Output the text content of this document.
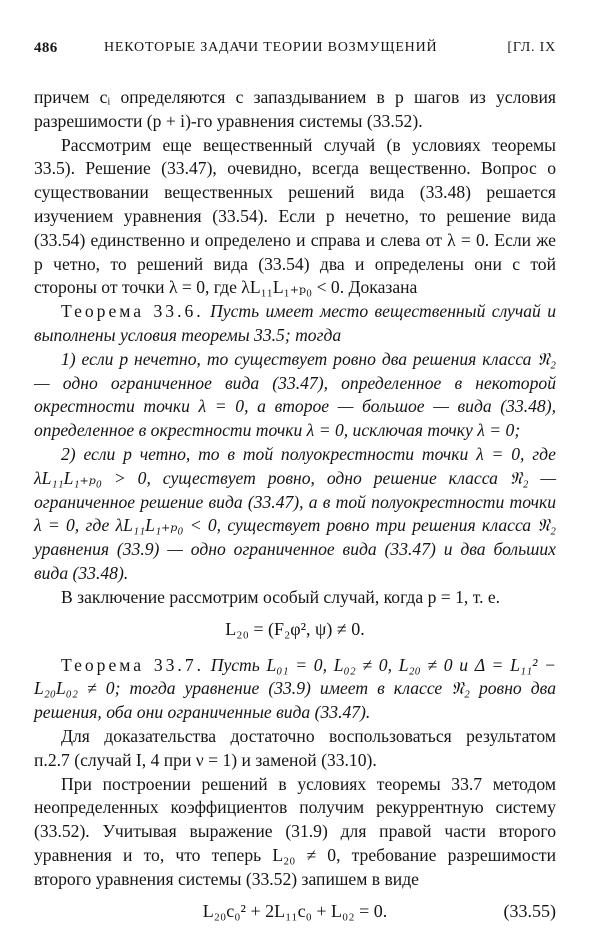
486	НЕКОТОРЫЕ ЗАДАЧИ ТЕОРИИ ВОЗМУЩЕНИЙ	[ГЛ. IX

причем cᵢ определяются с запаздыванием в p шагов из условия разрешимости (p + i)-го уравнения системы (33.52).

Рассмотрим еще вещественный случай (в условиях теоремы 33.5). Решение (33.47), очевидно, всегда вещественно. Вопрос о существовании вещественных решений вида (33.48) решается изучением уравнения (33.54). Если p нечетно, то решение вида (33.54) единственно и определено и справа и слева от λ = 0. Если же p четно, то решений вида (33.54) два и определены они с той стороны от точки λ = 0, где λL₁₁L₁₊ₚ₀ < 0. Доказана

Теорема 33.6. Пусть имеет место вещественный случай и выполнены условия теоремы 33.5; тогда

1) если p нечетно, то существует ровно два решения класса 𝔑₂ — одно ограниченное вида (33.47), определенное в некоторой окрестности точки λ = 0, а второе — большое — вида (33.48), определенное в окрестности точки λ = 0, исключая точку λ = 0;

2) если p четно, то в той полуокрестности точки λ = 0, где λL₁₁L₁₊ₚ₀ > 0, существует ровно, одно решение класса 𝔑₂ — ограниченное решение вида (33.47), а в той полуокрестности точки λ = 0, где λL₁₁L₁₊ₚ₀ < 0, существует ровно три решения класса 𝔑₂ уравнения (33.9) — одно ограниченное вида (33.47) и два больших вида (33.48).

В заключение рассмотрим особый случай, когда p = 1, т. е.

L₂₀ = (F₂φ², ψ) ≠ 0.

Теорема 33.7. Пусть L₀₁ = 0, L₀₂ ≠ 0, L₂₀ ≠ 0 и Δ = L₁₁² − L₂₀L₀₂ ≠ 0; тогда уравнение (33.9) имеет в классе 𝔑₂ ровно два решения, оба они ограниченные вида (33.47).

Для доказательства достаточно воспользоваться результатом п.2.7 (случай I, 4 при ν = 1) и заменой (33.10).

При построении решений в условиях теоремы 33.7 методом неопределенных коэффициентов получим рекуррентную систему (33.52). Учитывая выражение (31.9) для правой части второго уравнения и то, что теперь L₂₀ ≠ 0, требование разрешимости второго уравнения системы (33.52) запишем в виде

L₂₀c₀² + 2L₁₁c₀ + L₀₂ = 0.	(33.55)
